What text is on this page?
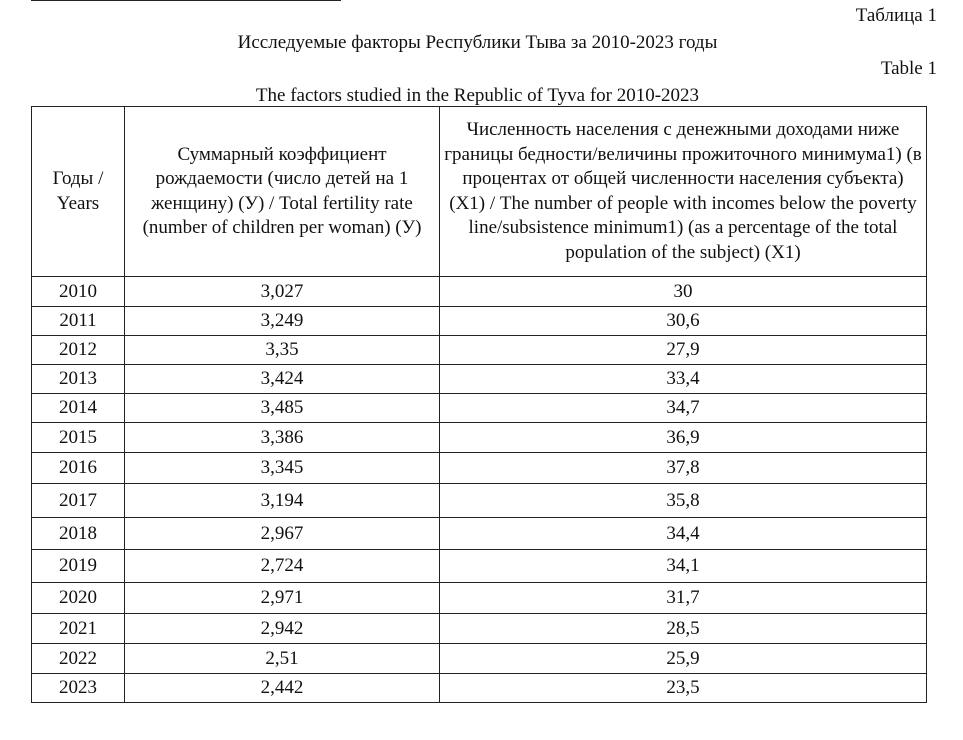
Таблица 1
Исследуемые факторы Республики Тыва за 2010-2023 годы
Table 1
The factors studied in the Republic of Tyva for 2010-2023
Годы / Years	Суммарный коэффициент рождаемости (число детей на 1 женщину) (У) / Total fertility rate (number of children per woman) (У)	Численность населения с денежными доходами ниже границы бедности/величины прожиточного минимума1) (в процентах от общей численности населения субъекта) (Х1) / The number of people with incomes below the poverty line/subsistence minimum1) (as a percentage of the total population of the subject) (X1)
2010	3,027	30
2011	3,249	30,6
2012	3,35	27,9
2013	3,424	33,4
2014	3,485	34,7
2015	3,386	36,9
2016	3,345	37,8
2017	3,194	35,8
2018	2,967	34,4
2019	2,724	34,1
2020	2,971	31,7
2021	2,942	28,5
2022	2,51	25,9
2023	2,442	23,5
